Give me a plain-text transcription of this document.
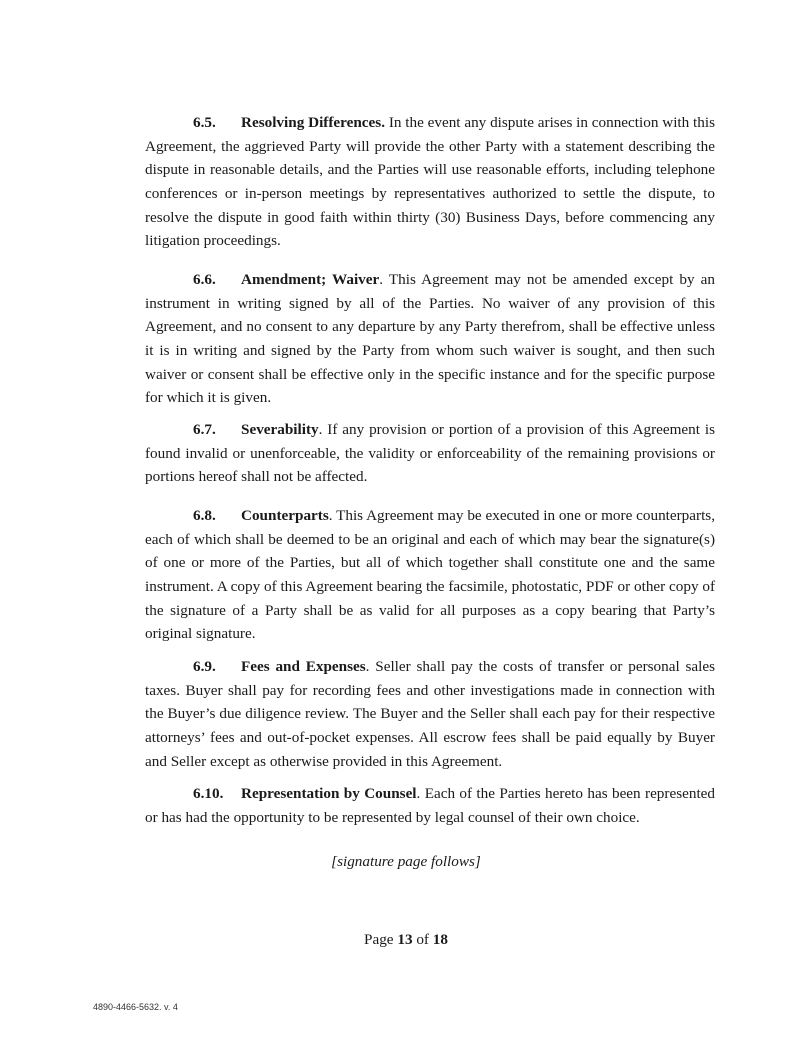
6.5. Resolving Differences. In the event any dispute arises in connection with this Agreement, the aggrieved Party will provide the other Party with a statement describing the dispute in reasonable details, and the Parties will use reasonable efforts, including telephone conferences or in-person meetings by representatives authorized to settle the dispute, to resolve the dispute in good faith within thirty (30) Business Days, before commencing any litigation proceedings.

6.6. Amendment; Waiver. This Agreement may not be amended except by an instrument in writing signed by all of the Parties. No waiver of any provision of this Agreement, and no consent to any departure by any Party therefrom, shall be effective unless it is in writing and signed by the Party from whom such waiver is sought, and then such waiver or consent shall be effective only in the specific instance and for the specific purpose for which it is given.

6.7. Severability. If any provision or portion of a provision of this Agreement is found invalid or unenforceable, the validity or enforceability of the remaining provisions or portions hereof shall not be affected.

6.8. Counterparts. This Agreement may be executed in one or more counterparts, each of which shall be deemed to be an original and each of which may bear the signature(s) of one or more of the Parties, but all of which together shall constitute one and the same instrument. A copy of this Agreement bearing the facsimile, photostatic, PDF or other copy of the signature of a Party shall be as valid for all purposes as a copy bearing that Party’s original signature.

6.9. Fees and Expenses. Seller shall pay the costs of transfer or personal sales taxes. Buyer shall pay for recording fees and other investigations made in connection with the Buyer’s due diligence review. The Buyer and the Seller shall each pay for their respective attorneys’ fees and out-of-pocket expenses. All escrow fees shall be paid equally by Buyer and Seller except as otherwise provided in this Agreement.

6.10. Representation by Counsel. Each of the Parties hereto has been represented or has had the opportunity to be represented by legal counsel of their own choice.

[signature page follows]
Page 13 of 18
4890-4466-5632. v. 4
